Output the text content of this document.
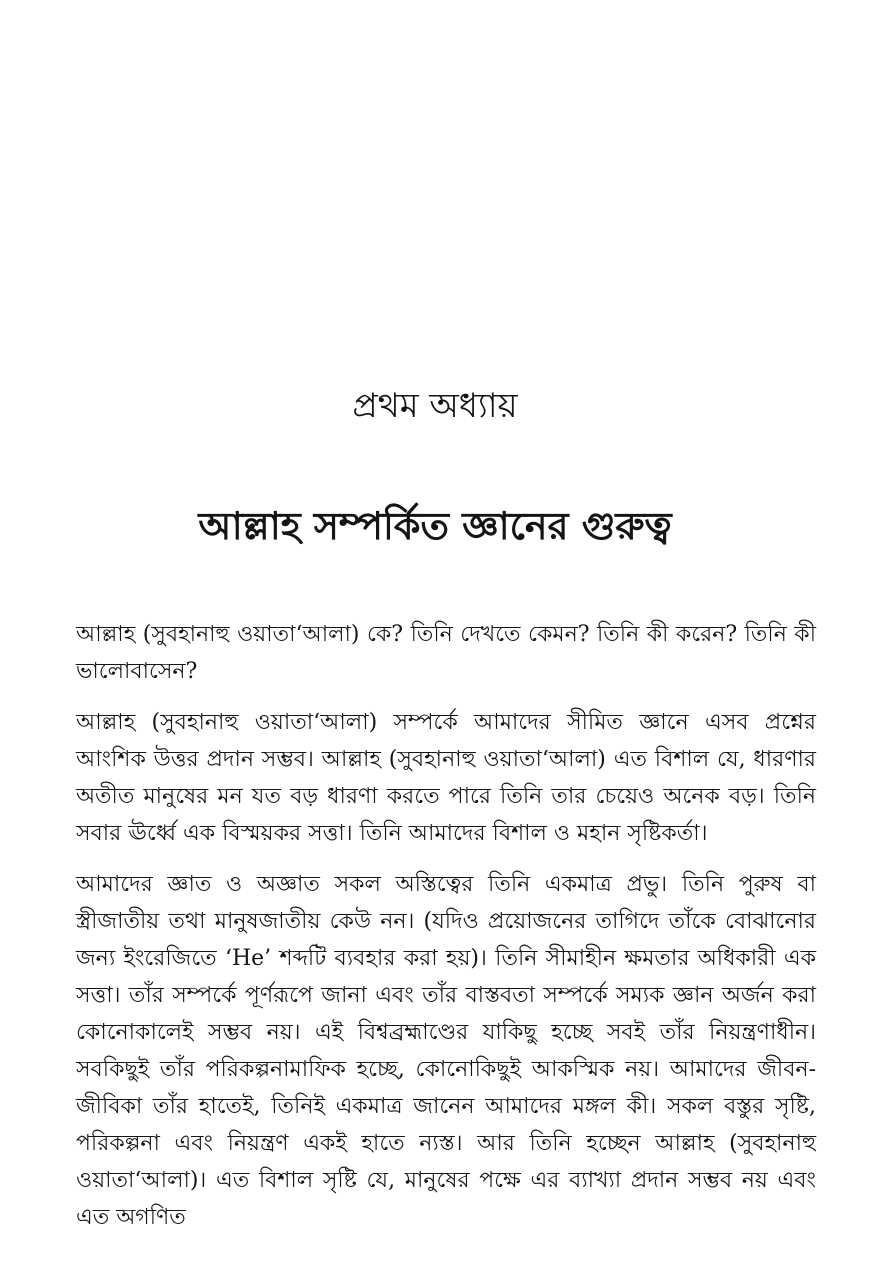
প্রথম অধ্যায়
আল্লাহ সম্পর্কিত জ্ঞানের গুরুত্ব

আল্লাহ (সুবহানাহু ওয়াতা‘আলা) কে? তিনি দেখতে কেমন? তিনি কী করেন? তিনি কী ভালোবাসেন?

আল্লাহ (সুবহানাহু ওয়াতা‘আলা) সম্পর্কে আমাদের সীমিত জ্ঞানে এসব প্রশ্নের আংশিক উত্তর প্রদান সম্ভব। আল্লাহ (সুবহানাহু ওয়াতা‘আলা) এত বিশাল যে, ধারণার অতীত মানুষের মন যত বড় ধারণা করতে পারে তিনি তার চেয়েও অনেক বড়। তিনি সবার ঊর্ধ্বে এক বিস্ময়কর সত্তা। তিনি আমাদের বিশাল ও মহান সৃষ্টিকর্তা।

আমাদের জ্ঞাত ও অজ্ঞাত সকল অস্তিত্বের তিনি একমাত্র প্রভু। তিনি পুরুষ বা স্ত্রীজাতীয় তথা মানুষজাতীয় কেউ নন। (যদিও প্রয়োজনের তাগিদে তাঁকে বোঝানোর জন্য ইংরেজিতে ‘He’ শব্দটি ব্যবহার করা হয়)। তিনি সীমাহীন ক্ষমতার অধিকারী এক সত্তা। তাঁর সম্পর্কে পূর্ণরূপে জানা এবং তাঁর বাস্তবতা সম্পর্কে সম্যক জ্ঞান অর্জন করা কোনোকালেই সম্ভব নয়। এই বিশ্বব্রহ্মাণ্ডের যাকিছু হচ্ছে সবই তাঁর নিয়ন্ত্রণাধীন। সবকিছুই তাঁর পরিকল্পনামাফিক হচ্ছে, কোনোকিছুই আকস্মিক নয়। আমাদের জীবন-জীবিকা তাঁর হাতেই, তিনিই একমাত্র জানেন আমাদের মঙ্গল কী। সকল বস্তুর সৃষ্টি, পরিকল্পনা এবং নিয়ন্ত্রণ একই হাতে ন্যস্ত। আর তিনি হচ্ছেন আল্লাহ (সুবহানাহু ওয়াতা‘আলা)। এত বিশাল সৃষ্টি যে, মানুষের পক্ষে এর ব্যাখ্যা প্রদান সম্ভব নয় এবং এত অগণিত
